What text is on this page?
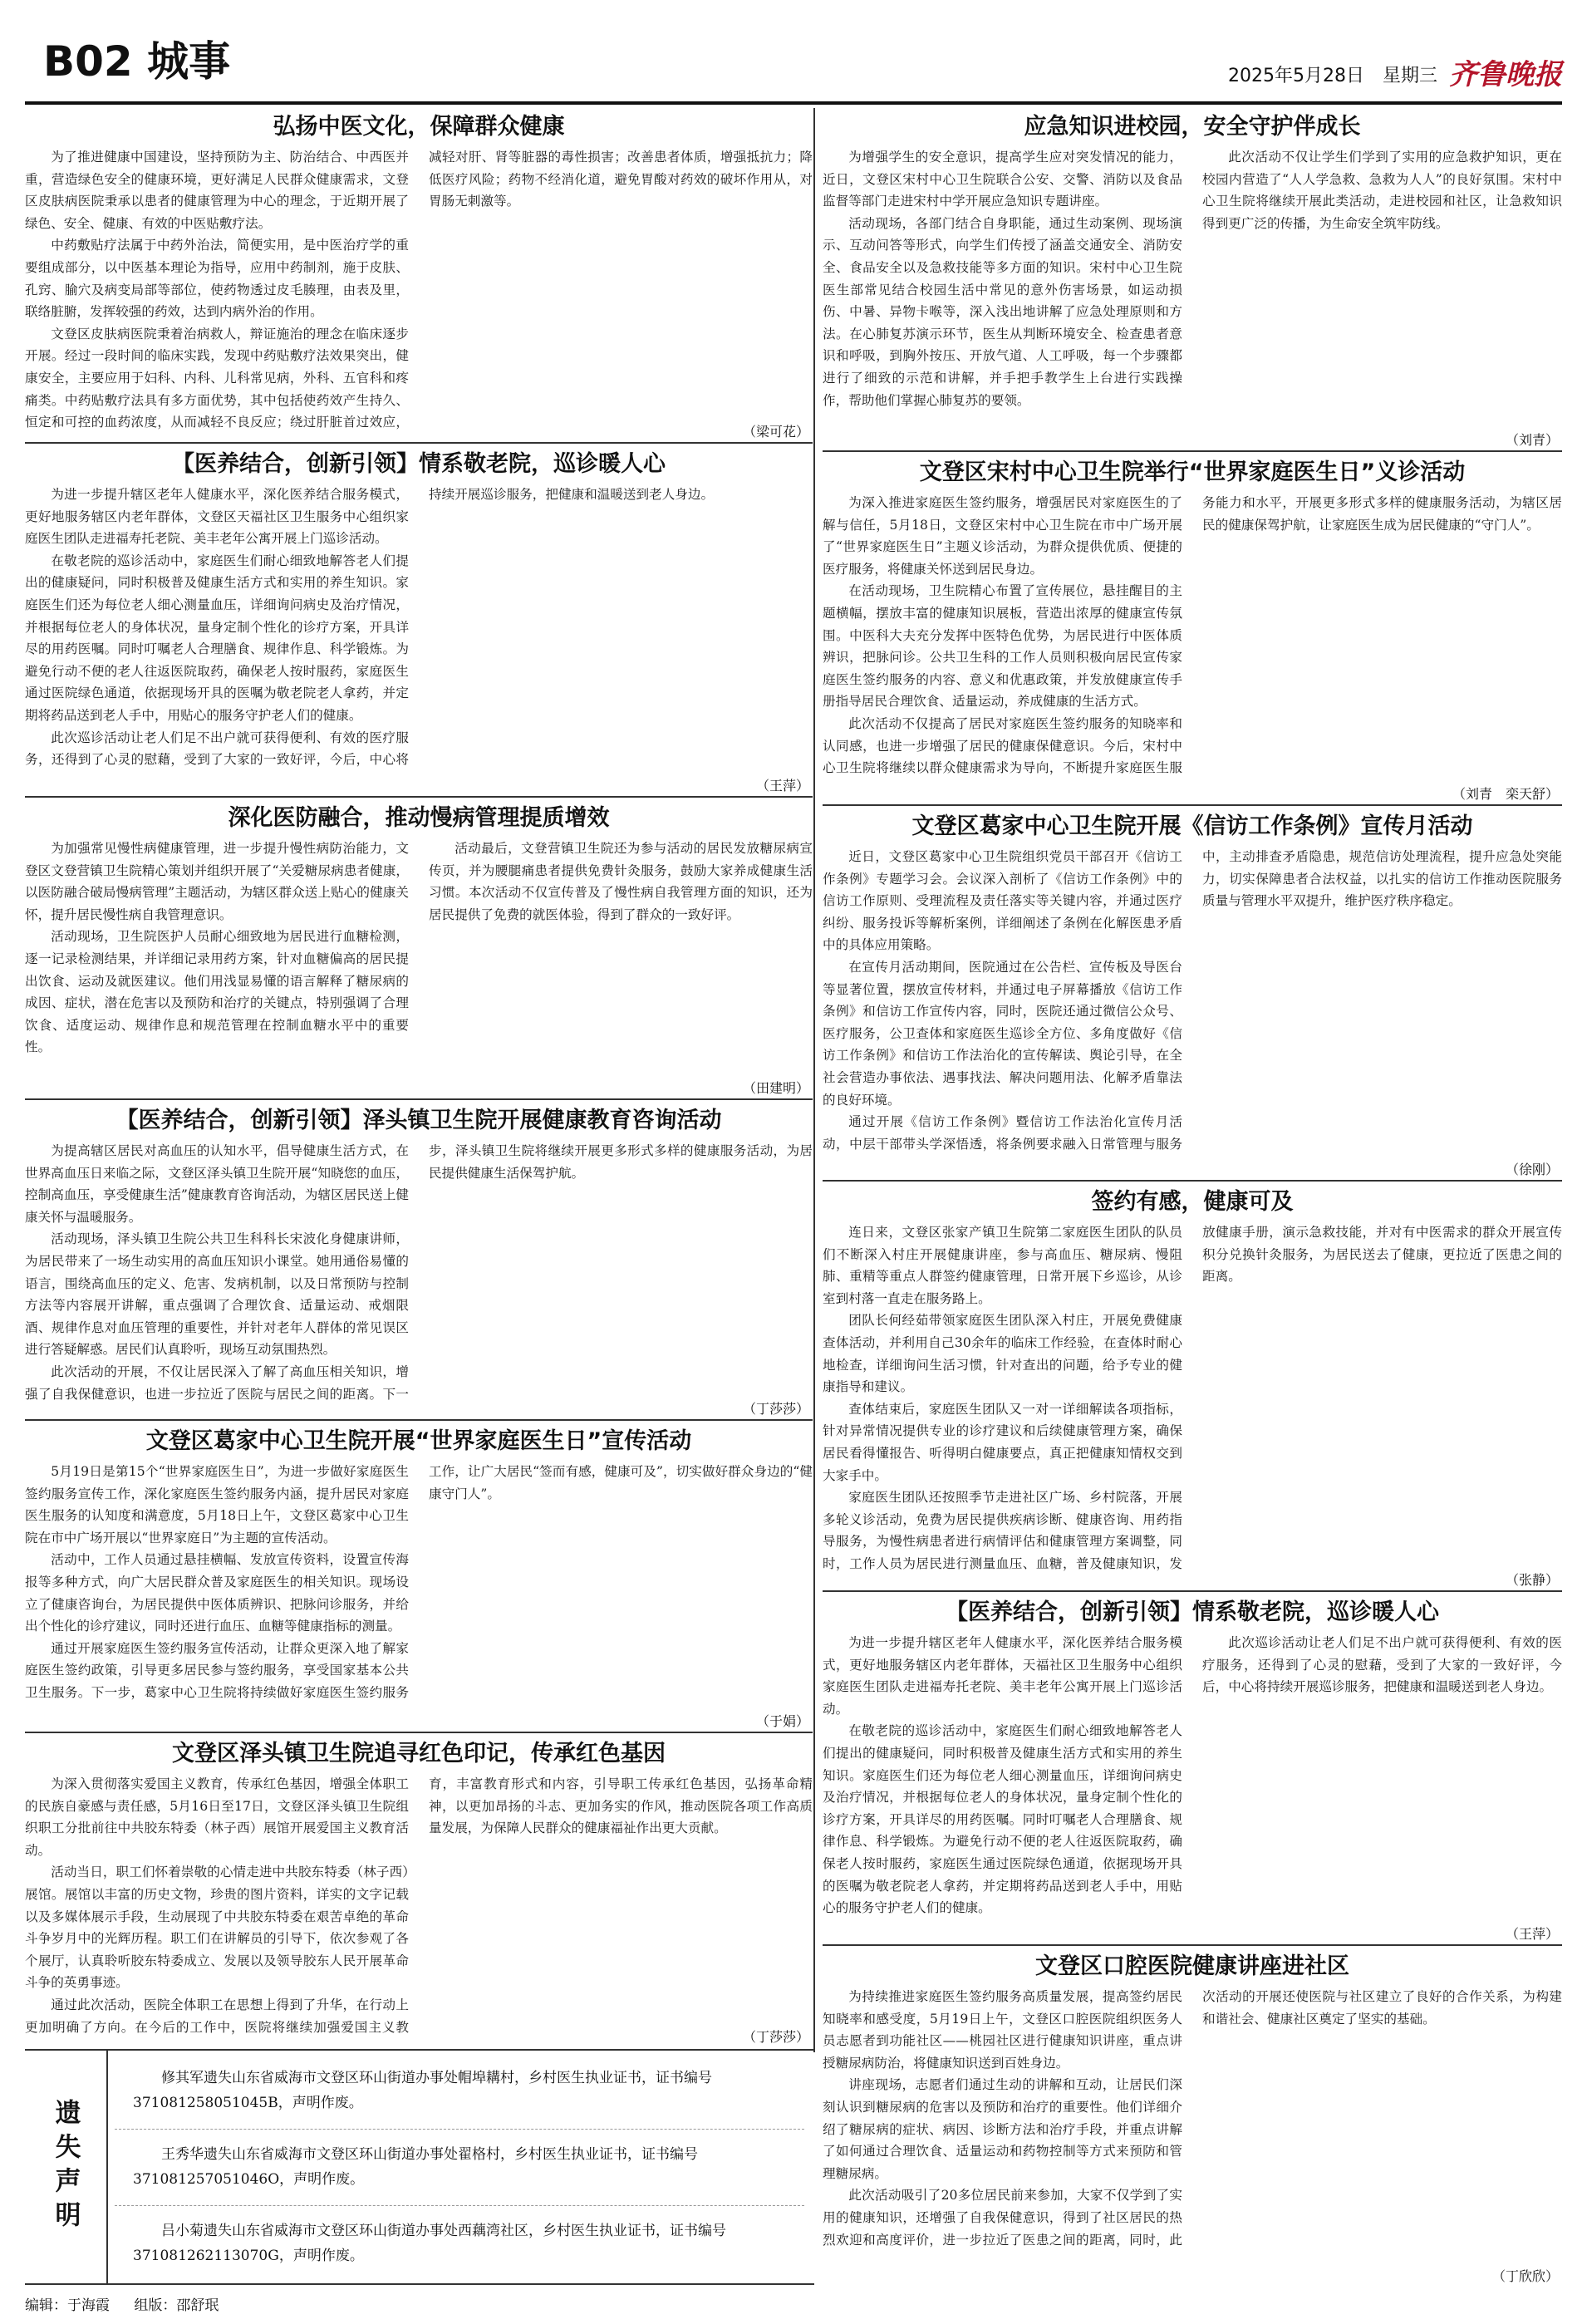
B02 城事	2025年5月28日　星期三 齐鲁晚报
弘扬中医文化，保障群众健康

为了推进健康中国建设，坚持预防为主、防治结合、中西医并重，营造绿色安全的健康环境，更好满足人民群众健康需求，文登区皮肤病医院秉承以患者的健康管理为中心的理念，于近期开展了绿色、安全、健康、有效的中医贴敷疗法。

中药敷贴疗法属于中药外治法，简便实用，是中医治疗学的重要组成部分，以中医基本理论为指导，应用中药制剂，施于皮肤、孔窍、腧穴及病变局部等部位，使药物透过皮毛腠理，由表及里，联络脏腑，发挥较强的药效，达到内病外治的作用。

文登区皮肤病医院秉着治病救人，辩证施治的理念在临床逐步开展。经过一段时间的临床实践，发现中药贴敷疗法效果突出，健康安全，主要应用于妇科、内科、儿科常见病，外科、五官科和疼痛类。中药贴敷疗法具有多方面优势，其中包括使药效产生持久、恒定和可控的血药浓度，从而减轻不良反应；绕过肝脏首过效应，减轻对肝、肾等脏器的毒性损害；改善患者体质，增强抵抗力；降低医疗风险；药物不经消化道，避免胃酸对药效的破坏作用从，对胃肠无刺激等。

（梁可花）
【医养结合，创新引领】情系敬老院，巡诊暖人心

为进一步提升辖区老年人健康水平，深化医养结合服务模式，更好地服务辖区内老年群体，文登区天福社区卫生服务中心组织家庭医生团队走进福寿托老院、美丰老年公寓开展上门巡诊活动。

在敬老院的巡诊活动中，家庭医生们耐心细致地解答老人们提出的健康疑问，同时积极普及健康生活方式和实用的养生知识。家庭医生们还为每位老人细心测量血压，详细询问病史及治疗情况，并根据每位老人的身体状况，量身定制个性化的诊疗方案，开具详尽的用药医嘱。同时叮嘱老人合理膳食、规律作息、科学锻炼。为避免行动不便的老人往返医院取药，确保老人按时服药，家庭医生通过医院绿色通道，依据现场开具的医嘱为敬老院老人拿药，并定期将药品送到老人手中，用贴心的服务守护老人们的健康。

此次巡诊活动让老人们足不出户就可获得便利、有效的医疗服务，还得到了心灵的慰藉，受到了大家的一致好评，今后，中心将持续开展巡诊服务，把健康和温暖送到老人身边。

（王萍）
深化医防融合，推动慢病管理提质增效

为加强常见慢性病健康管理，进一步提升慢性病防治能力，文登区文登营镇卫生院精心策划并组织开展了“关爱糖尿病患者健康，以医防融合破局慢病管理”主题活动，为辖区群众送上贴心的健康关怀，提升居民慢性病自我管理意识。

活动现场，卫生院医护人员耐心细致地为居民进行血糖检测，逐一记录检测结果，并详细记录用药方案，针对血糖偏高的居民提出饮食、运动及就医建议。他们用浅显易懂的语言解释了糖尿病的成因、症状，潜在危害以及预防和治疗的关键点，特别强调了合理饮食、适度运动、规律作息和规范管理在控制血糖水平中的重要性。

活动最后，文登营镇卫生院还为参与活动的居民发放糖尿病宣传页，并为腰腿痛患者提供免费针灸服务，鼓励大家养成健康生活习惯。本次活动不仅宣传普及了慢性病自我管理方面的知识，还为居民提供了免费的就医体验，得到了群众的一致好评。

（田建明）
【医养结合，创新引领】泽头镇卫生院开展健康教育咨询活动

为提高辖区居民对高血压的认知水平，倡导健康生活方式，在世界高血压日来临之际，文登区泽头镇卫生院开展“知晓您的血压，控制高血压，享受健康生活”健康教育咨询活动，为辖区居民送上健康关怀与温暖服务。

活动现场，泽头镇卫生院公共卫生科科长宋波化身健康讲师，为居民带来了一场生动实用的高血压知识小课堂。她用通俗易懂的语言，围绕高血压的定义、危害、发病机制，以及日常预防与控制方法等内容展开讲解，重点强调了合理饮食、适量运动、戒烟限酒、规律作息对血压管理的重要性，并针对老年人群体的常见误区进行答疑解惑。居民们认真聆听，现场互动氛围热烈。

此次活动的开展，不仅让居民深入了解了高血压相关知识，增强了自我保健意识，也进一步拉近了医院与居民之间的距离。下一步，泽头镇卫生院将继续开展更多形式多样的健康服务活动，为居民提供健康生活保驾护航。

（丁莎莎）
文登区葛家中心卫生院开展“世界家庭医生日”宣传活动

5月19日是第15个“世界家庭医生日”，为进一步做好家庭医生签约服务宣传工作，深化家庭医生签约服务内涵，提升居民对家庭医生服务的认知度和满意度，5月18日上午，文登区葛家中心卫生院在市中广场开展以“世界家庭日”为主题的宣传活动。

活动中，工作人员通过悬挂横幅、发放宣传资料，设置宣传海报等多种方式，向广大居民群众普及家庭医生的相关知识。现场设立了健康咨询台，为居民提供中医体质辨识、把脉问诊服务，并给出个性化的诊疗建议，同时还进行血压、血糖等健康指标的测量。

通过开展家庭医生签约服务宣传活动，让群众更深入地了解家庭医生签约政策，引导更多居民参与签约服务，享受国家基本公共卫生服务。下一步，葛家中心卫生院将持续做好家庭医生签约服务工作，让广大居民“签而有感，健康可及”，切实做好群众身边的“健康守门人”。

（于娟）
文登区泽头镇卫生院追寻红色印记，传承红色基因

为深入贯彻落实爱国主义教育，传承红色基因，增强全体职工的民族自豪感与责任感，5月16日至17日，文登区泽头镇卫生院组织职工分批前往中共胶东特委（林子西）展馆开展爱国主义教育活动。

活动当日，职工们怀着崇敬的心情走进中共胶东特委（林子西）展馆。展馆以丰富的历史文物，珍贵的图片资料，详实的文字记载以及多媒体展示手段，生动展现了中共胶东特委在艰苦卓绝的革命斗争岁月中的光辉历程。职工们在讲解员的引导下，依次参观了各个展厅，认真聆听胶东特委成立、发展以及领导胶东人民开展革命斗争的英勇事迹。

通过此次活动，医院全体职工在思想上得到了升华，在行动上更加明确了方向。在今后的工作中，医院将继续加强爱国主义教育，丰富教育形式和内容，引导职工传承红色基因，弘扬革命精神，以更加昂扬的斗志、更加务实的作风，推动医院各项工作高质量发展，为保障人民群众的健康福祉作出更大贡献。

（丁莎莎）
应急知识进校园，安全守护伴成长

为增强学生的安全意识，提高学生应对突发情况的能力，近日，文登区宋村中心卫生院联合公安、交警、消防以及食品监督等部门走进宋村中学开展应急知识专题讲座。

活动现场，各部门结合自身职能，通过生动案例、现场演示、互动问答等形式，向学生们传授了涵盖交通安全、消防安全、食品安全以及急救技能等多方面的知识。宋村中心卫生院医生部常见结合校园生活中常见的意外伤害场景，如运动损伤、中暑、异物卡喉等，深入浅出地讲解了应急处理原则和方法。在心肺复苏演示环节，医生从判断环境安全、检查患者意识和呼吸，到胸外按压、开放气道、人工呼吸，每一个步骤都进行了细致的示范和讲解，并手把手教学生上台进行实践操作，帮助他们掌握心肺复苏的要领。

此次活动不仅让学生们学到了实用的应急救护知识，更在校园内营造了“人人学急救、急救为人人”的良好氛围。宋村中心卫生院将继续开展此类活动，走进校园和社区，让急救知识得到更广泛的传播，为生命安全筑牢防线。

（刘青）
文登区宋村中心卫生院举行“世界家庭医生日”义诊活动

为深入推进家庭医生签约服务，增强居民对家庭医生的了解与信任，5月18日，文登区宋村中心卫生院在市中广场开展了“世界家庭医生日”主题义诊活动，为群众提供优质、便捷的医疗服务，将健康关怀送到居民身边。

在活动现场，卫生院精心布置了宣传展位，悬挂醒目的主题横幅，摆放丰富的健康知识展板，营造出浓厚的健康宣传氛围。中医科大夫充分发挥中医特色优势，为居民进行中医体质辨识，把脉问诊。公共卫生科的工作人员则积极向居民宣传家庭医生签约服务的内容、意义和优惠政策，并发放健康宣传手册指导居民合理饮食、适量运动，养成健康的生活方式。

此次活动不仅提高了居民对家庭医生签约服务的知晓率和认同感，也进一步增强了居民的健康保健意识。今后，宋村中心卫生院将继续以群众健康需求为导向，不断提升家庭医生服务能力和水平，开展更多形式多样的健康服务活动，为辖区居民的健康保驾护航，让家庭医生成为居民健康的“守门人”。

（刘青　栾天舒）
文登区葛家中心卫生院开展《信访工作条例》宣传月活动

近日，文登区葛家中心卫生院组织党员干部召开《信访工作条例》专题学习会。会议深入剖析了《信访工作条例》中的信访工作原则、受理流程及责任落实等关键内容，并通过医疗纠纷、服务投诉等解析案例，详细阐述了条例在化解医患矛盾中的具体应用策略。

在宣传月活动期间，医院通过在公告栏、宣传板及导医台等显著位置，摆放宣传材料，并通过电子屏幕播放《信访工作条例》和信访工作宣传内容，同时，医院还通过微信公众号、医疗服务，公卫查体和家庭医生巡诊全方位、多角度做好《信访工作条例》和信访工作法治化的宣传解读、舆论引导，在全社会营造办事依法、遇事找法、解决问题用法、化解矛盾靠法的良好环境。

通过开展《信访工作条例》暨信访工作法治化宣传月活动，中层干部带头学深悟透，将条例要求融入日常管理与服务中，主动排查矛盾隐患，规范信访处理流程，提升应急处突能力，切实保障患者合法权益，以扎实的信访工作推动医院服务质量与管理水平双提升，维护医疗秩序稳定。

（徐刚）
签约有感，健康可及

连日来，文登区张家产镇卫生院第二家庭医生团队的队员们不断深入村庄开展健康讲座，参与高血压、糖尿病、慢阻肺、重精等重点人群签约健康管理，日常开展下乡巡诊，从诊室到村落一直走在服务路上。

团队长何经茹带领家庭医生团队深入村庄，开展免费健康查体活动，并利用自己30余年的临床工作经验，在查体时耐心地检查，详细询问生活习惯，针对查出的问题，给予专业的健康指导和建议。

查体结束后，家庭医生团队又一对一详细解读各项指标，针对异常情况提供专业的诊疗建议和后续健康管理方案，确保居民看得懂报告、听得明白健康要点，真正把健康知情权交到大家手中。

家庭医生团队还按照季节走进社区广场、乡村院落，开展多轮义诊活动，免费为居民提供疾病诊断、健康咨询、用药指导服务，为慢性病患者进行病情评估和健康管理方案调整，同时，工作人员为居民进行测量血压、血糖，普及健康知识，发放健康手册，演示急救技能，并对有中医需求的群众开展宣传积分兑换针灸服务，为居民送去了健康，更拉近了医患之间的距离。

（张静）
【医养结合，创新引领】情系敬老院，巡诊暖人心

为进一步提升辖区老年人健康水平，深化医养结合服务模式，更好地服务辖区内老年群体，天福社区卫生服务中心组织家庭医生团队走进福寿托老院、美丰老年公寓开展上门巡诊活动。

在敬老院的巡诊活动中，家庭医生们耐心细致地解答老人们提出的健康疑问，同时积极普及健康生活方式和实用的养生知识。家庭医生们还为每位老人细心测量血压，详细询问病史及治疗情况，并根据每位老人的身体状况，量身定制个性化的诊疗方案，开具详尽的用药医嘱。同时叮嘱老人合理膳食、规律作息、科学锻炼。为避免行动不便的老人往返医院取药，确保老人按时服药，家庭医生通过医院绿色通道，依据现场开具的医嘱为敬老院老人拿药，并定期将药品送到老人手中，用贴心的服务守护老人们的健康。

此次巡诊活动让老人们足不出户就可获得便利、有效的医疗服务，还得到了心灵的慰藉，受到了大家的一致好评，今后，中心将持续开展巡诊服务，把健康和温暖送到老人身边。

（王萍）
文登区口腔医院健康讲座进社区

为持续推进家庭医生签约服务高质量发展，提高签约居民知晓率和感受度，5月19日上午，文登区口腔医院组织医务人员志愿者到功能社区——桃园社区进行健康知识讲座，重点讲授糖尿病防治，将健康知识送到百姓身边。

讲座现场，志愿者们通过生动的讲解和互动，让居民们深刻认识到糖尿病的危害以及预防和治疗的重要性。他们详细介绍了糖尿病的症状、病因、诊断方法和治疗手段，并重点讲解了如何通过合理饮食、适量运动和药物控制等方式来预防和管理糖尿病。

此次活动吸引了20多位居民前来参加，大家不仅学到了实用的健康知识，还增强了自我保健意识，得到了社区居民的热烈欢迎和高度评价，进一步拉近了医患之间的距离，同时，此次活动的开展还使医院与社区建立了良好的合作关系，为构建和谐社会、健康社区奠定了坚实的基础。

（丁欣欣）
遗失声明
修其军遗失山东省威海市文登区环山街道办事处帽埠耩村，乡村医生执业证书，证书编号371081258051045B，声明作废。
王秀华遗失山东省威海市文登区环山街道办事处翟格村，乡村医生执业证书，证书编号371081257051046O，声明作废。
吕小菊遗失山东省威海市文登区环山街道办事处西藕湾社区，乡村医生执业证书，证书编号371081262113070G，声明作废。
编辑：于海霞 组版：邵舒珉
